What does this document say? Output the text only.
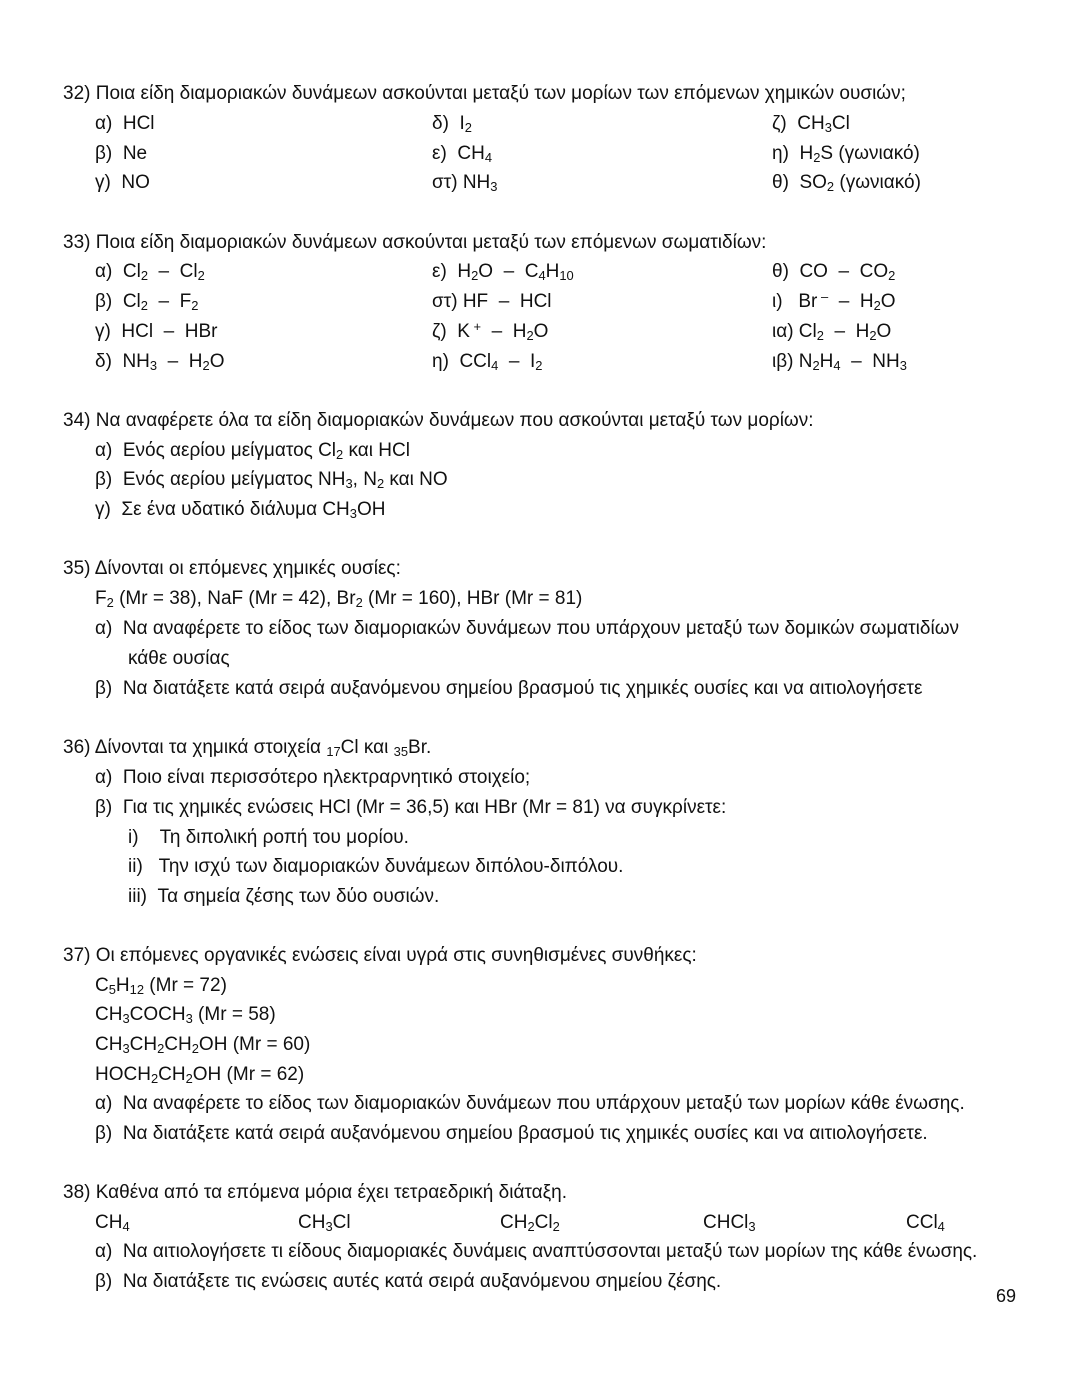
32) Ποια είδη διαμοριακών δυνάμεων ασκούνται μεταξύ των μορίων των επόμενων χημικών ουσιών;
α)  HCl	δ)  $I_2$	ζ)  $CH_3Cl$
β)  Ne	ε)  $CH_4$	η)  $H_2S$ (γωνιακό)
γ)  NO	στ) $NH_3$	θ)  $SO_2$ (γωνιακό)
33) Ποια είδη διαμοριακών δυνάμεων ασκούνται μεταξύ των επόμενων σωματιδίων:
α)  $Cl_2 - Cl_2$	ε)  $H_2O - C_4H_{10}$	θ)  CO  –  $CO_2$
β)  $Cl_2 - F_2$	στ) HF  –  HCl	ι)   Br $^- - H_2O$
γ)  HCl  –  HBr	ζ)  K $^+ - H_2O$	ια) $Cl_2 - H_2O$
δ)  $NH_3 - H_2O$	η)  $CCl_4 - I_2$	ιβ) $N_2H_4 - NH_3$
34) Να αναφέρετε όλα τα είδη διαμοριακών δυνάμεων που ασκούνται μεταξύ των μορίων:
α)  Ενός αερίου μείγματος $Cl_2$ και HCl
β)  Ενός αερίου μείγματος $NH_3$, $N_2$ και NO
γ)  Σε ένα υδατικό διάλυμα $CH_3OH$
35) Δίνονται οι επόμενες χημικές ουσίες:
$F_2$ (Mr = 38), NaF (Mr = 42), $Br_2$ (Mr = 160), HBr (Mr = 81)
α)  Να αναφέρετε το είδος των διαμοριακών δυνάμεων που υπάρχουν μεταξύ των δομικών σωματιδίων
κάθε ουσίας
β)  Να διατάξετε κατά σειρά αυξανόμενου σημείου βρασμού τις χημικές ουσίες και να αιτιολογήσετε
36) Δίνονται τα χημικά στοιχεία $_{17}$Cl και $_{35}$Br.
α)  Ποιο είναι περισσότερο ηλεκτραρνητικό στοιχείο;
β)  Για τις χημικές ενώσεις HCl (Mr = 36,5) και HBr (Mr = 81) να συγκρίνετε:
i)    Τη διπολική ροπή του μορίου.
ii)   Την ισχύ των διαμοριακών δυνάμεων διπόλου-διπόλου.
iii)  Τα σημεία ζέσης των δύο ουσιών.
37) Οι επόμενες οργανικές ενώσεις είναι υγρά στις συνηθισμένες συνθήκες:
$C_5H_{12}$ (Mr = 72)
$CH_3COCH_3$ (Mr = 58)
$CH_3CH_2CH_2OH$ (Mr = 60)
$HOCH_2CH_2OH$ (Mr = 62)
α)  Να αναφέρετε το είδος των διαμοριακών δυνάμεων που υπάρχουν μεταξύ των μορίων κάθε ένωσης.
β)  Να διατάξετε κατά σειρά αυξανόμενου σημείου βρασμού τις χημικές ουσίες και να αιτιολογήσετε.
38) Καθένα από τα επόμενα μόρια έχει τετραεδρική διάταξη.
$CH_4$	$CH_3Cl$	$CH_2Cl_2$	CHCl$_3$	CCl$_4$
α)  Να αιτιολογήσετε τι είδους διαμοριακές δυνάμεις αναπτύσσονται μεταξύ των μορίων της κάθε ένωσης.
β)  Να διατάξετε τις ενώσεις αυτές κατά σειρά αυξανόμενου σημείου ζέσης.
69
